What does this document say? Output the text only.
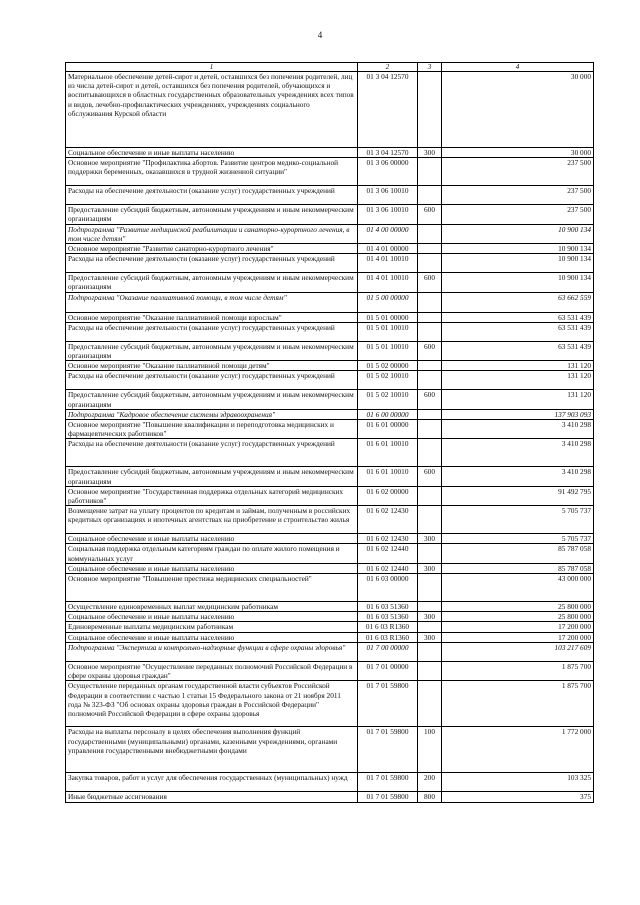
4
1	2	3	4
Материальное обеспечение детей-сирот и детей, оставшихся без попечения родителей, лиц из числа детей-сирот и детей, оставшихся без попечения родителей, обучающихся и воспитывающихся в областных государственных образовательных учреждениях всех типов и видов, лечебно-профилактических учреждениях, учреждениях социального обслуживания Курской области	01 3 04 12570		30 000
Социальное обеспечение и иные выплаты населению	01 3 04 12570	300	30 000
Основное мероприятие "Профилактика абортов. Развитие центров медико-социальной поддержки беременных, оказавшихся в трудной жизненной ситуации"	01 3 06 00000		237 500
Расходы на обеспечение деятельности (оказание услуг) государственных учреждений	01 3 06 10010		237 500
Предоставление субсидий бюджетным, автономным учреждениям и иным некоммерческим организациям	01 3 06 10010	600	237 500
Подпрограмма "Развитие медицинской реабилитации и санаторно-курортного лечения, в том числе детям"	01 4 00 00000		10 900 134
Основное мероприятие "Развитие санаторно-курортного лечения"	01 4 01 00000		10 900 134
Расходы на обеспечение деятельности (оказание услуг) государственных учреждений	01 4 01 10010		10 900 134
Предоставление субсидий бюджетным, автономным учреждениям и иным некоммерческим организациям	01 4 01 10010	600	10 900 134
Подпрограмма "Оказание паллиативной помощи, в том числе детям"	01 5 00 00000		63 662 559
Основное мероприятие "Оказание паллиативной помощи взрослым"	01 5 01 00000		63 531 439
Расходы на обеспечение деятельности (оказание услуг) государственных учреждений	01 5 01 10010		63 531 439
Предоставление субсидий бюджетным, автономным учреждениям и иным некоммерческим организациям	01 5 01 10010	600	63 531 439
Основное мероприятие "Оказание паллиативной помощи детям"	01 5 02 00000		131 120
Расходы на обеспечение деятельности (оказание услуг) государственных учреждений	01 5 02 10010		131 120
Предоставление субсидий бюджетным, автономным учреждениям и иным некоммерческим организациям	01 5 02 10010	600	131 120
Подпрограмма "Кадровое обеспечение системы здравоохранения"	01 6 00 00000		137 903 093
Основное мероприятие "Повышение квалификации и переподготовка медицинских и фармацевтических работников"	01 6 01 00000		3 410 298
Расходы на обеспечение деятельности (оказание услуг) государственных учреждений	01 6 01 10010		3 410 298
Предоставление субсидий бюджетным, автономным учреждениям и иным некоммерческим организациям	01 6 01 10010	600	3 410 298
Основное мероприятие "Государственная поддержка отдельных категорий медицинских работников"	01 6 02 00000		91 492 795
Возмещение затрат на уплату процентов по кредитам и займам, полученным в российских кредитных организациях и ипотечных агентствах на приобретение и строительство жилья	01 6 02 12430		5 705 737
Социальное обеспечение и иные выплаты населению	01 6 02 12430	300	5 705 737
Социальная поддержка отдельным категориям граждан по оплате жилого помещения и коммунальных услуг	01 6 02 12440		85 787 058
Социальное обеспечение и иные выплаты населению	01 6 02 12440	300	85 787 058
Основное мероприятие "Повышение престижа медицинских специальностей"	01 6 03 00000		43 000 000
Осуществление единовременных выплат медицинским работникам	01 6 03 51360		25 800 000
Социальное обеспечение и иные выплаты населению	01 6 03 51360	300	25 800 000
Единовременные выплаты медицинским работникам	01 6 03 R1360		17 200 000
Социальное обеспечение и иные выплаты населению	01 6 03 R1360	300	17 200 000
Подпрограмма "Экспертиза и контрольно-надзорные функции в сфере охраны здоровья"	01 7 00 00000		103 217 609
Основное мероприятие "Осуществление переданных полномочий Российской Федерации в сфере охраны здоровья граждан"	01 7 01 00000		1 875 700
Осуществление переданных органам государственной власти субъектов Российской Федерации в соответствии с частью 1 статьи 15 Федерального закона от 21 ноября 2011 года № 323-ФЗ "Об основах охраны здоровья граждан в Российской Федерации" полномочий Российской Федерации в сфере охраны здоровья	01 7 01 59800		1 875 700
Расходы на выплаты персоналу в целях обеспечения выполнения функций государственными (муниципальными) органами, казенными учреждениями, органами управления государственными внебюджетными фондами	01 7 01 59800	100	1 772 000
Закупка товаров, работ и услуг для обеспечения государственных (муниципальных) нужд	01 7 01 59800	200	103 325
Иные бюджетные ассигнования	01 7 01 59800	800	375
